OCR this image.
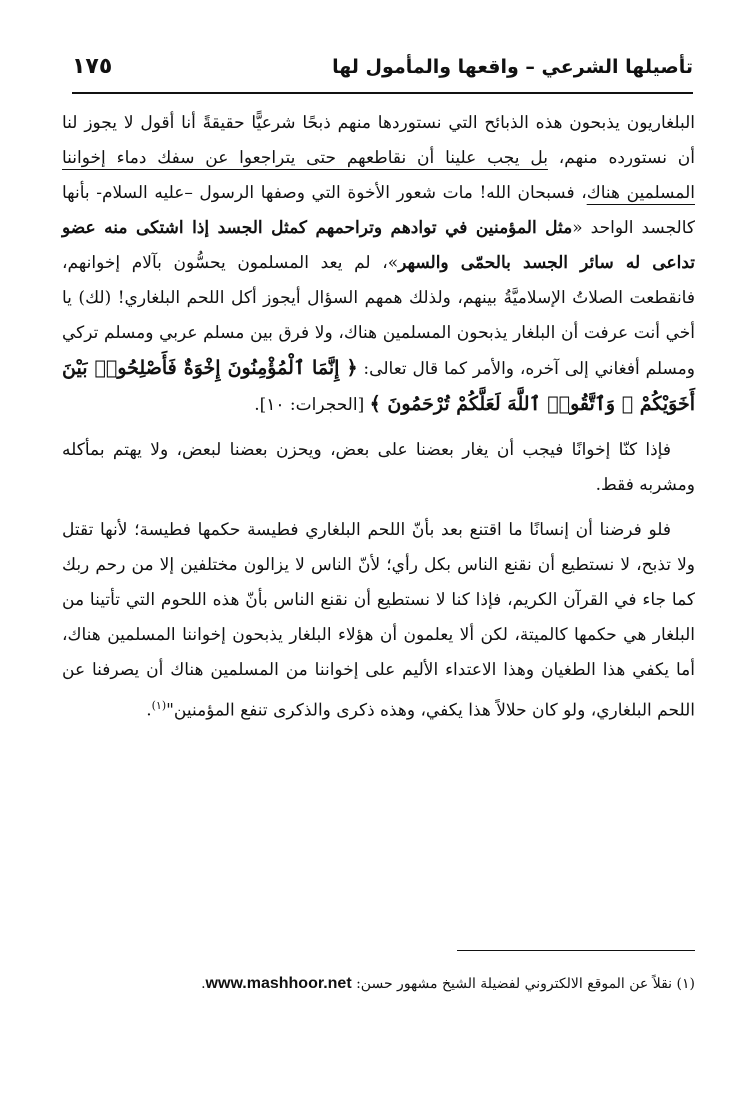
تأصيلها الشرعي – واقعها والمأمول لها
١٧٥

البلغاريون يذبحون هذه الذبائح التي نستوردها منهم ذبحًا شرعيًّا حقيقةً أنا أقول لا يجوز لنا أن نستورده منهم، بل يجب علينا أن نقاطعهم حتى يتراجعوا عن سفك دماء إخواننا المسلمين هناك، فسبحان الله! مات شعور الأخوة التي وصفها الرسول –عليه السلام- بأنها كالجسد الواحد «مثل المؤمنين في توادهم وتراحمهم كمثل الجسد إذا اشتكى منه عضو تداعى له سائر الجسد بالحمّى والسهر»، لم يعد المسلمون يحسُّون بآلام إخوانهم، فانقطعت الصلاتُ الإسلاميَّةُ بينهم، ولذلك همهم السؤال أيجوز أكل اللحم البلغاري! (لك) يا أخي أنت عرفت أن البلغار يذبحون المسلمين هناك، ولا فرق بين مسلم عربي ومسلم تركي ومسلم أفغاني إلى آخره، والأمر كما قال تعالى: ﴿ إِنَّمَا ٱلْمُؤْمِنُونَ إِخْوَةٌ فَأَصْلِحُوا۟ بَيْنَ أَخَوَيْكُمْ ۚ وَٱتَّقُوا۟ ٱللَّهَ لَعَلَّكُمْ تُرْحَمُونَ ﴾ [الحجرات: ١٠].

فإذا كنّا إخوانًا فيجب أن يغار بعضنا على بعض، ويحزن بعضنا لبعض، ولا يهتم بمأكله ومشربه فقط.

فلو فرضنا أن إنسانًا ما اقتنع بعد بأنّ اللحم البلغاري فطيسة حكمها فطيسة؛ لأنها تقتل ولا تذبح، لا نستطيع أن نقنع الناس بكل رأي؛ لأنّ الناس لا يزالون مختلفين إلا من رحم ربك كما جاء في القرآن الكريم، فإذا كنا لا نستطيع أن نقنع الناس بأنّ هذه اللحوم التي تأتينا من البلغار هي حكمها كالميتة، لكن ألا يعلمون أن هؤلاء البلغار يذبحون إخواننا المسلمين هناك، أما يكفي هذا الطغيان وهذا الاعتداء الأليم على إخواننا من المسلمين هناك أن يصرفنا عن اللحم البلغاري، ولو كان حلالاً هذا يكفي، وهذه ذكرى والذكرى تنفع المؤمنين"$^{(١)}$.

(١) نقلاً عن الموقع الالكتروني لفضيلة الشيخ مشهور حسن: www.mashhoor.net.
